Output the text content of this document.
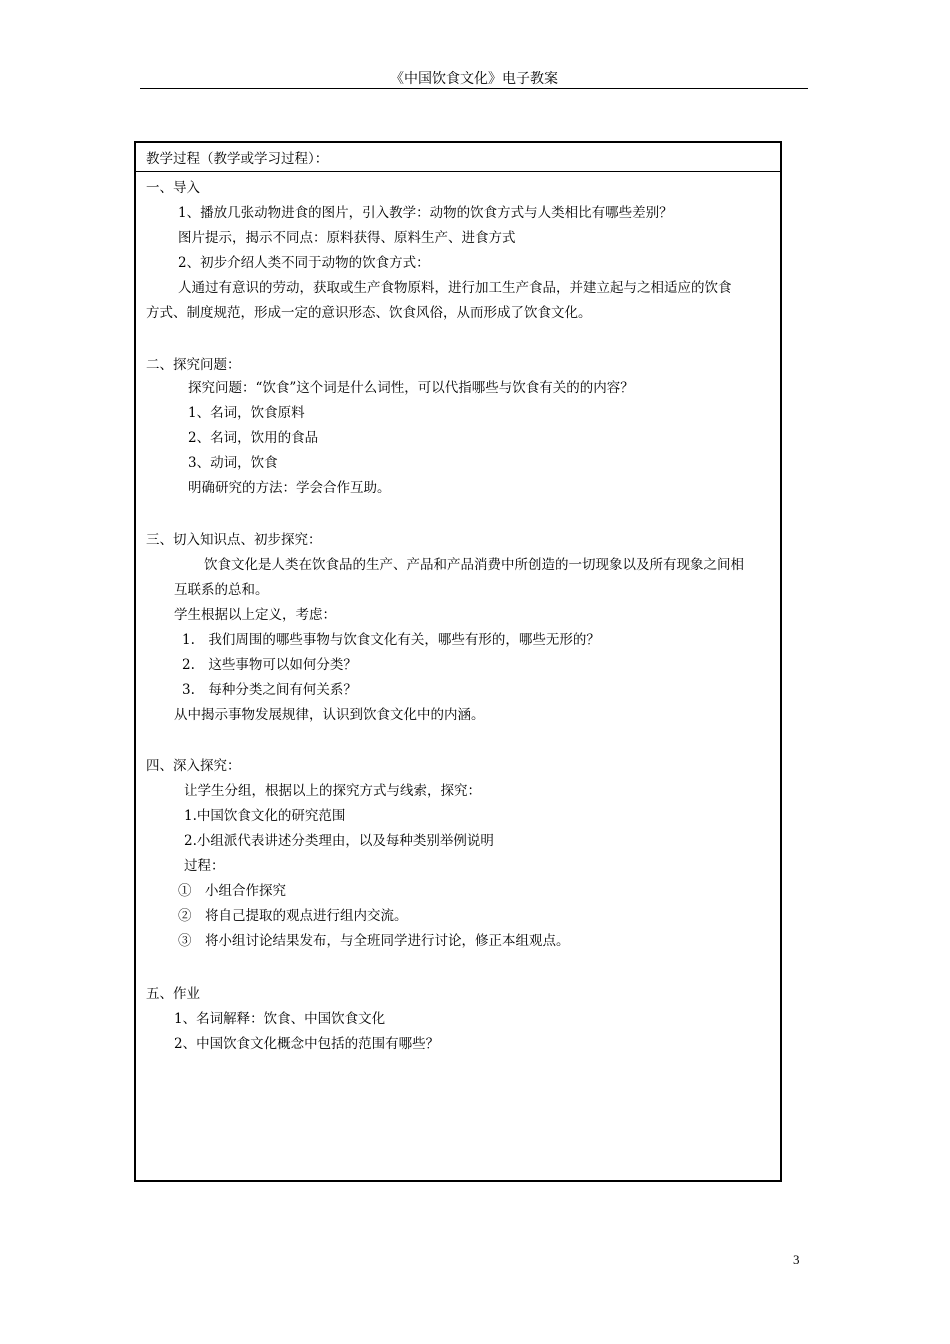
《中国饮食文化》电子教案
教学过程（教学或学习过程）：
一、导入
1、播放几张动物进食的图片，引入教学：动物的饮食方式与人类相比有哪些差别？
图片提示，揭示不同点：原料获得、原料生产、进食方式
2、初步介绍人类不同于动物的饮食方式：
人通过有意识的劳动，获取或生产食物原料，进行加工生产食品，并建立起与之相适应的饮食
方式、制度规范，形成一定的意识形态、饮食风俗，从而形成了饮食文化。
二、探究问题：
探究问题：“饮食”这个词是什么词性，可以代指哪些与饮食有关的的内容？
1、名词，饮食原料
2、名词，饮用的食品
3、动词，饮食
明确研究的方法：学会合作互助。
三、切入知识点、初步探究：
饮食文化是人类在饮食品的生产、产品和产品消费中所创造的一切现象以及所有现象之间相
互联系的总和。
学生根据以上定义，考虑：
1.　我们周围的哪些事物与饮食文化有关，哪些有形的，哪些无形的？
2.　这些事物可以如何分类？
3.　每种分类之间有何关系？
从中揭示事物发展规律，认识到饮食文化中的内涵。
四、深入探究：
让学生分组，根据以上的探究方式与线索，探究：
1.中国饮食文化的研究范围
2.小组派代表讲述分类理由，以及每种类别举例说明
过程：
①　小组合作探究
②　将自己提取的观点进行组内交流。
③　将小组讨论结果发布，与全班同学进行讨论，修正本组观点。
五、作业
1、名词解释：饮食、中国饮食文化
2、中国饮食文化概念中包括的范围有哪些？
3
